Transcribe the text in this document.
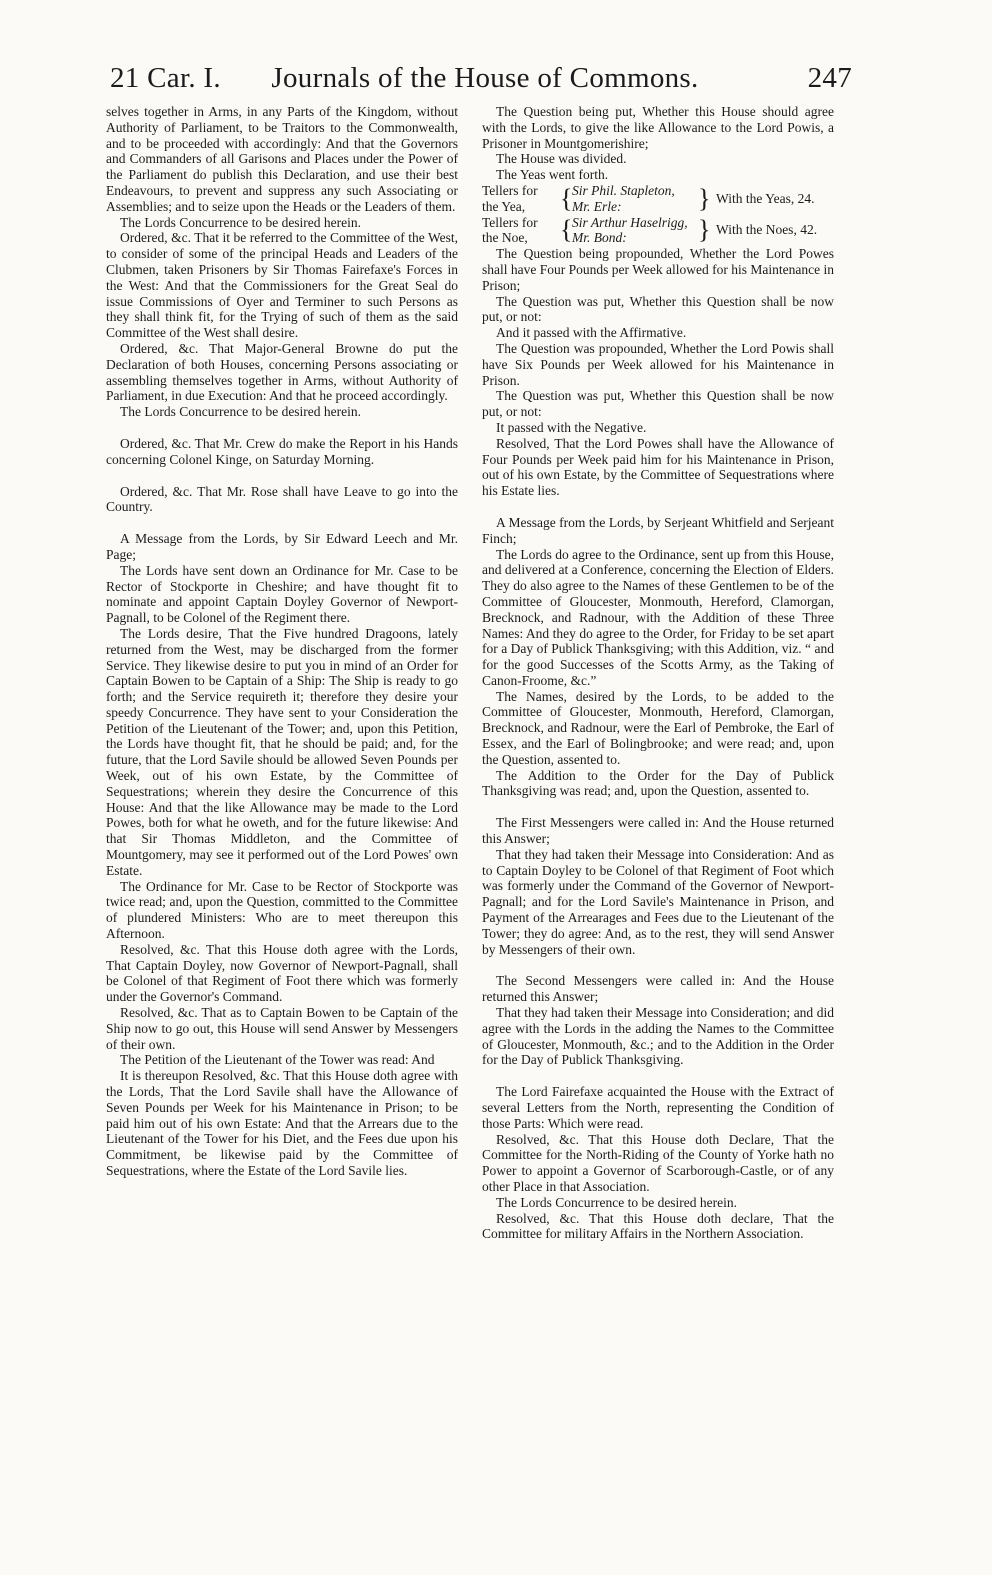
21 Car. I.	Journals of the House of Commons.	247

selves together in Arms, in any Parts of the Kingdom, without Authority of Parliament, to be Traitors to the Commonwealth, and to be proceeded with accordingly: And that the Governors and Commanders of all Garisons and Places under the Power of the Parliament do publish this Declaration, and use their best Endeavours, to prevent and suppress any such Associating or Assemblies; and to seize upon the Heads or the Leaders of them.

The Lords Concurrence to be desired herein.

Ordered, &c. That it be referred to the Committee of the West, to consider of some of the principal Heads and Leaders of the Clubmen, taken Prisoners by Sir Thomas Fairefaxe's Forces in the West: And that the Commissioners for the Great Seal do issue Commissions of Oyer and Terminer to such Persons as they shall think fit, for the Trying of such of them as the said Committee of the West shall desire.

Ordered, &c. That Major-General Browne do put the Declaration of both Houses, concerning Persons associating or assembling themselves together in Arms, without Authority of Parliament, in due Execution: And that he proceed accordingly.

The Lords Concurrence to be desired herein.

Ordered, &c. That Mr. Crew do make the Report in his Hands concerning Colonel Kinge, on Saturday Morning.

Ordered, &c. That Mr. Rose shall have Leave to go into the Country.

A Message from the Lords, by Sir Edward Leech and Mr. Page;

The Lords have sent down an Ordinance for Mr. Case to be Rector of Stockporte in Cheshire; and have thought fit to nominate and appoint Captain Doyley Governor of Newport-Pagnall, to be Colonel of the Regiment there.

The Lords desire, That the Five hundred Dragoons, lately returned from the West, may be discharged from the former Service. They likewise desire to put you in mind of an Order for Captain Bowen to be Captain of a Ship: The Ship is ready to go forth; and the Service requireth it; therefore they desire your speedy Concurrence. They have sent to your Consideration the Petition of the Lieutenant of the Tower; and, upon this Petition, the Lords have thought fit, that he should be paid; and, for the future, that the Lord Savile should be allowed Seven Pounds per Week, out of his own Estate, by the Committee of Sequestrations; wherein they desire the Concurrence of this House: And that the like Allowance may be made to the Lord Powes, both for what he oweth, and for the future likewise: And that Sir Thomas Middleton, and the Committee of Mountgomery, may see it performed out of the Lord Powes' own Estate.

The Ordinance for Mr. Case to be Rector of Stockporte was twice read; and, upon the Question, committed to the Committee of plundered Ministers: Who are to meet thereupon this Afternoon.

Resolved, &c. That this House doth agree with the Lords, That Captain Doyley, now Governor of Newport-Pagnall, shall be Colonel of that Regiment of Foot there which was formerly under the Governor's Command.

Resolved, &c. That as to Captain Bowen to be Captain of the Ship now to go out, this House will send Answer by Messengers of their own.

The Petition of the Lieutenant of the Tower was read: And

It is thereupon Resolved, &c. That this House doth agree with the Lords, That the Lord Savile shall have the Allowance of Seven Pounds per Week for his Maintenance in Prison; to be paid him out of his own Estate: And that the Arrears due to the Lieutenant of the Tower for his Diet, and the Fees due upon his Commitment, be likewise paid by the Committee of Sequestrations, where the Estate of the Lord Savile lies.

The Question being put, Whether this House should agree with the Lords, to give the like Allowance to the Lord Powis, a Prisoner in Mountgomerishire;

The House was divided.

The Yeas went forth.

Tellers for
the Yea,	{ Sir Phil. Stapleton,
Mr. Erle:	} With the Yeas, 24.
Tellers for
the Noe,	{ Sir Arthur Haselrigg,
Mr. Bond:	} With the Noes, 42.

The Question being propounded, Whether the Lord Powes shall have Four Pounds per Week allowed for his Maintenance in Prison;

The Question was put, Whether this Question shall be now put, or not:

And it passed with the Affirmative.

The Question was propounded, Whether the Lord Powis shall have Six Pounds per Week allowed for his Maintenance in Prison.

The Question was put, Whether this Question shall be now put, or not:

It passed with the Negative.

Resolved, That the Lord Powes shall have the Allowance of Four Pounds per Week paid him for his Maintenance in Prison, out of his own Estate, by the Committee of Sequestrations where his Estate lies.

A Message from the Lords, by Serjeant Whitfield and Serjeant Finch;

The Lords do agree to the Ordinance, sent up from this House, and delivered at a Conference, concerning the Election of Elders. They do also agree to the Names of these Gentlemen to be of the Committee of Gloucester, Monmouth, Hereford, Clamorgan, Brecknock, and Radnour, with the Addition of these Three Names: And they do agree to the Order, for Friday to be set apart for a Day of Publick Thanksgiving; with this Addition, viz. “ and for the good Successes of the Scotts Army, as the Taking of Canon-Froome, &c.”

The Names, desired by the Lords, to be added to the Committee of Gloucester, Monmouth, Hereford, Clamorgan, Brecknock, and Radnour, were the Earl of Pembroke, the Earl of Essex, and the Earl of Bolingbrooke; and were read; and, upon the Question, assented to.

The Addition to the Order for the Day of Publick Thanksgiving was read; and, upon the Question, assented to.

The First Messengers were called in: And the House returned this Answer;

That they had taken their Message into Consideration: And as to Captain Doyley to be Colonel of that Regiment of Foot which was formerly under the Command of the Governor of Newport-Pagnall; and for the Lord Savile's Maintenance in Prison, and Payment of the Arrearages and Fees due to the Lieutenant of the Tower; they do agree: And, as to the rest, they will send Answer by Messengers of their own.

The Second Messengers were called in: And the House returned this Answer;

That they had taken their Message into Consideration; and did agree with the Lords in the adding the Names to the Committee of Gloucester, Monmouth, &c.; and to the Addition in the Order for the Day of Publick Thanksgiving.

The Lord Fairefaxe acquainted the House with the Extract of several Letters from the North, representing the Condition of those Parts: Which were read.

Resolved, &c. That this House doth Declare, That the Committee for the North-Riding of the County of Yorke hath no Power to appoint a Governor of Scarborough-Castle, or of any other Place in that Association.

The Lords Concurrence to be desired herein.

Resolved, &c. That this House doth declare, That the Committee for military Affairs in the Northern Association.
